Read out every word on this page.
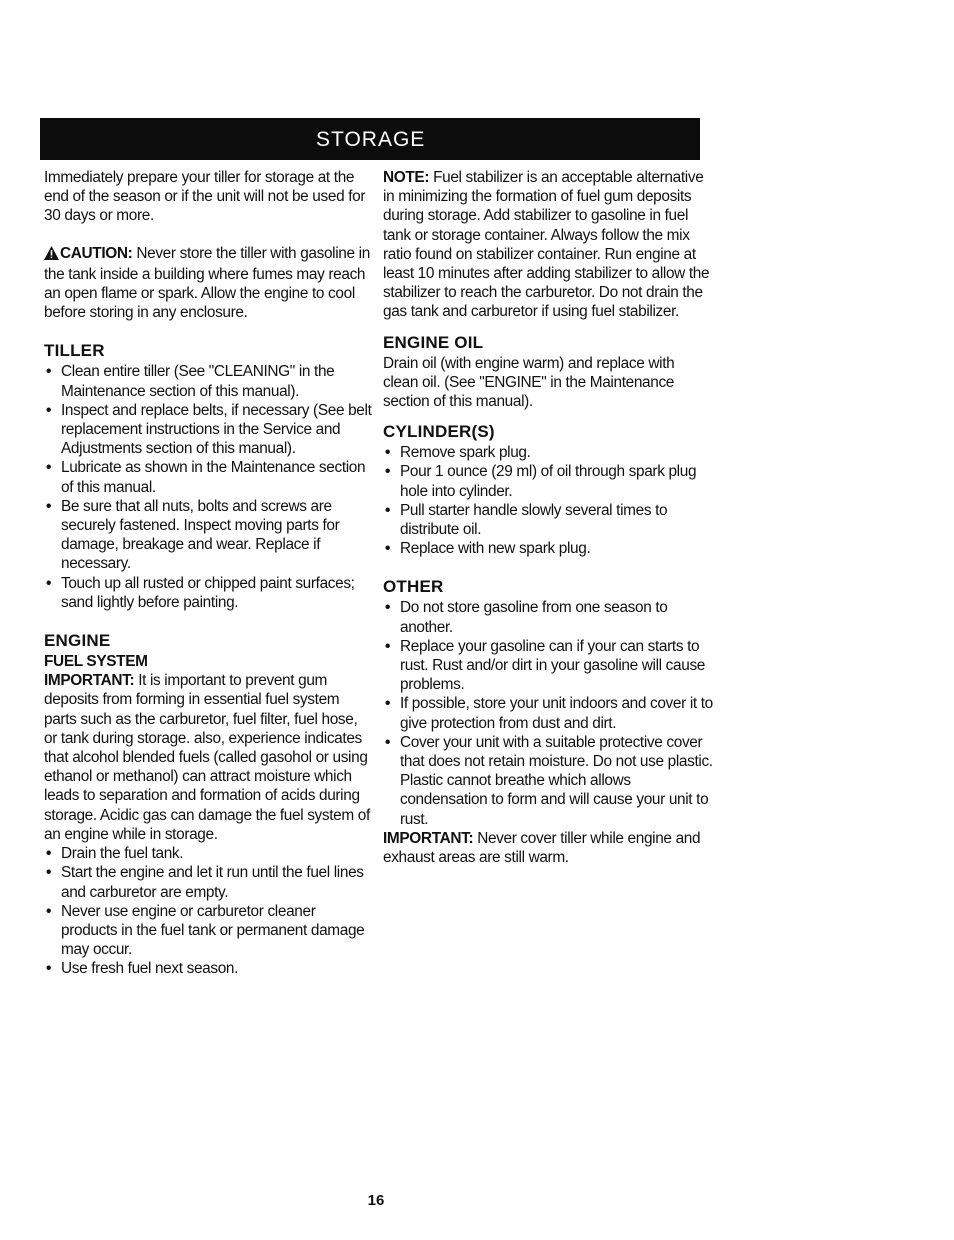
STORAGE

Immediately prepare your tiller for storage at the end of the season or if the unit will not be used for 30 days or more.

CAUTION: Never store the tiller with gasoline in the tank inside a building where fumes may reach an open flame or spark. Allow the engine to cool before storing in any enclosure.

TILLER
• Clean entire tiller (See "CLEANING" in the Maintenance section of this manual).
• Inspect and replace belts, if necessary (See belt replacement instructions in the Service and Adjustments section of this manual).
• Lubricate as shown in the Maintenance section of this manual.
• Be sure that all nuts, bolts and screws are securely fastened. Inspect moving parts for damage, breakage and wear. Replace if necessary.
• Touch up all rusted or chipped paint surfaces; sand lightly before painting.
ENGINE
FUEL SYSTEM

IMPORTANT: It is important to prevent gum deposits from forming in essential fuel system parts such as the carburetor, fuel filter, fuel hose, or tank during storage. also, experience indicates that alcohol blended fuels (called gasohol or using ethanol or methanol) can attract moisture which leads to separation and formation of acids during storage. Acidic gas can damage the fuel system of an engine while in storage.

• Drain the fuel tank.
• Start the engine and let it run until the fuel lines and carburetor are empty.
• Never use engine or carburetor cleaner products in the fuel tank or permanent damage may occur.
• Use fresh fuel next season.

NOTE: Fuel stabilizer is an acceptable alternative in minimizing the formation of fuel gum deposits during storage. Add stabilizer to gasoline in fuel tank or storage container. Always follow the mix ratio found on stabilizer container. Run engine at least 10 minutes after adding stabilizer to allow the stabilizer to reach the carburetor. Do not drain the gas tank and carburetor if using fuel stabilizer.

ENGINE OIL

Drain oil (with engine warm) and replace with clean oil. (See "ENGINE" in the Maintenance section of this manual).

CYLINDER(S)
• Remove spark plug.
• Pour 1 ounce (29 ml) of oil through spark plug hole into cylinder.
• Pull starter handle slowly several times to distribute oil.
• Replace with new spark plug.
OTHER
• Do not store gasoline from one season to another.
• Replace your gasoline can if your can starts to rust. Rust and/or dirt in your gasoline will cause problems.
• If possible, store your unit indoors and cover it to give protection from dust and dirt.
• Cover your unit with a suitable protective cover that does not retain moisture. Do not use plastic. Plastic cannot breathe which allows condensation to form and will cause your unit to rust.

IMPORTANT: Never cover tiller while engine and exhaust areas are still warm.

16
